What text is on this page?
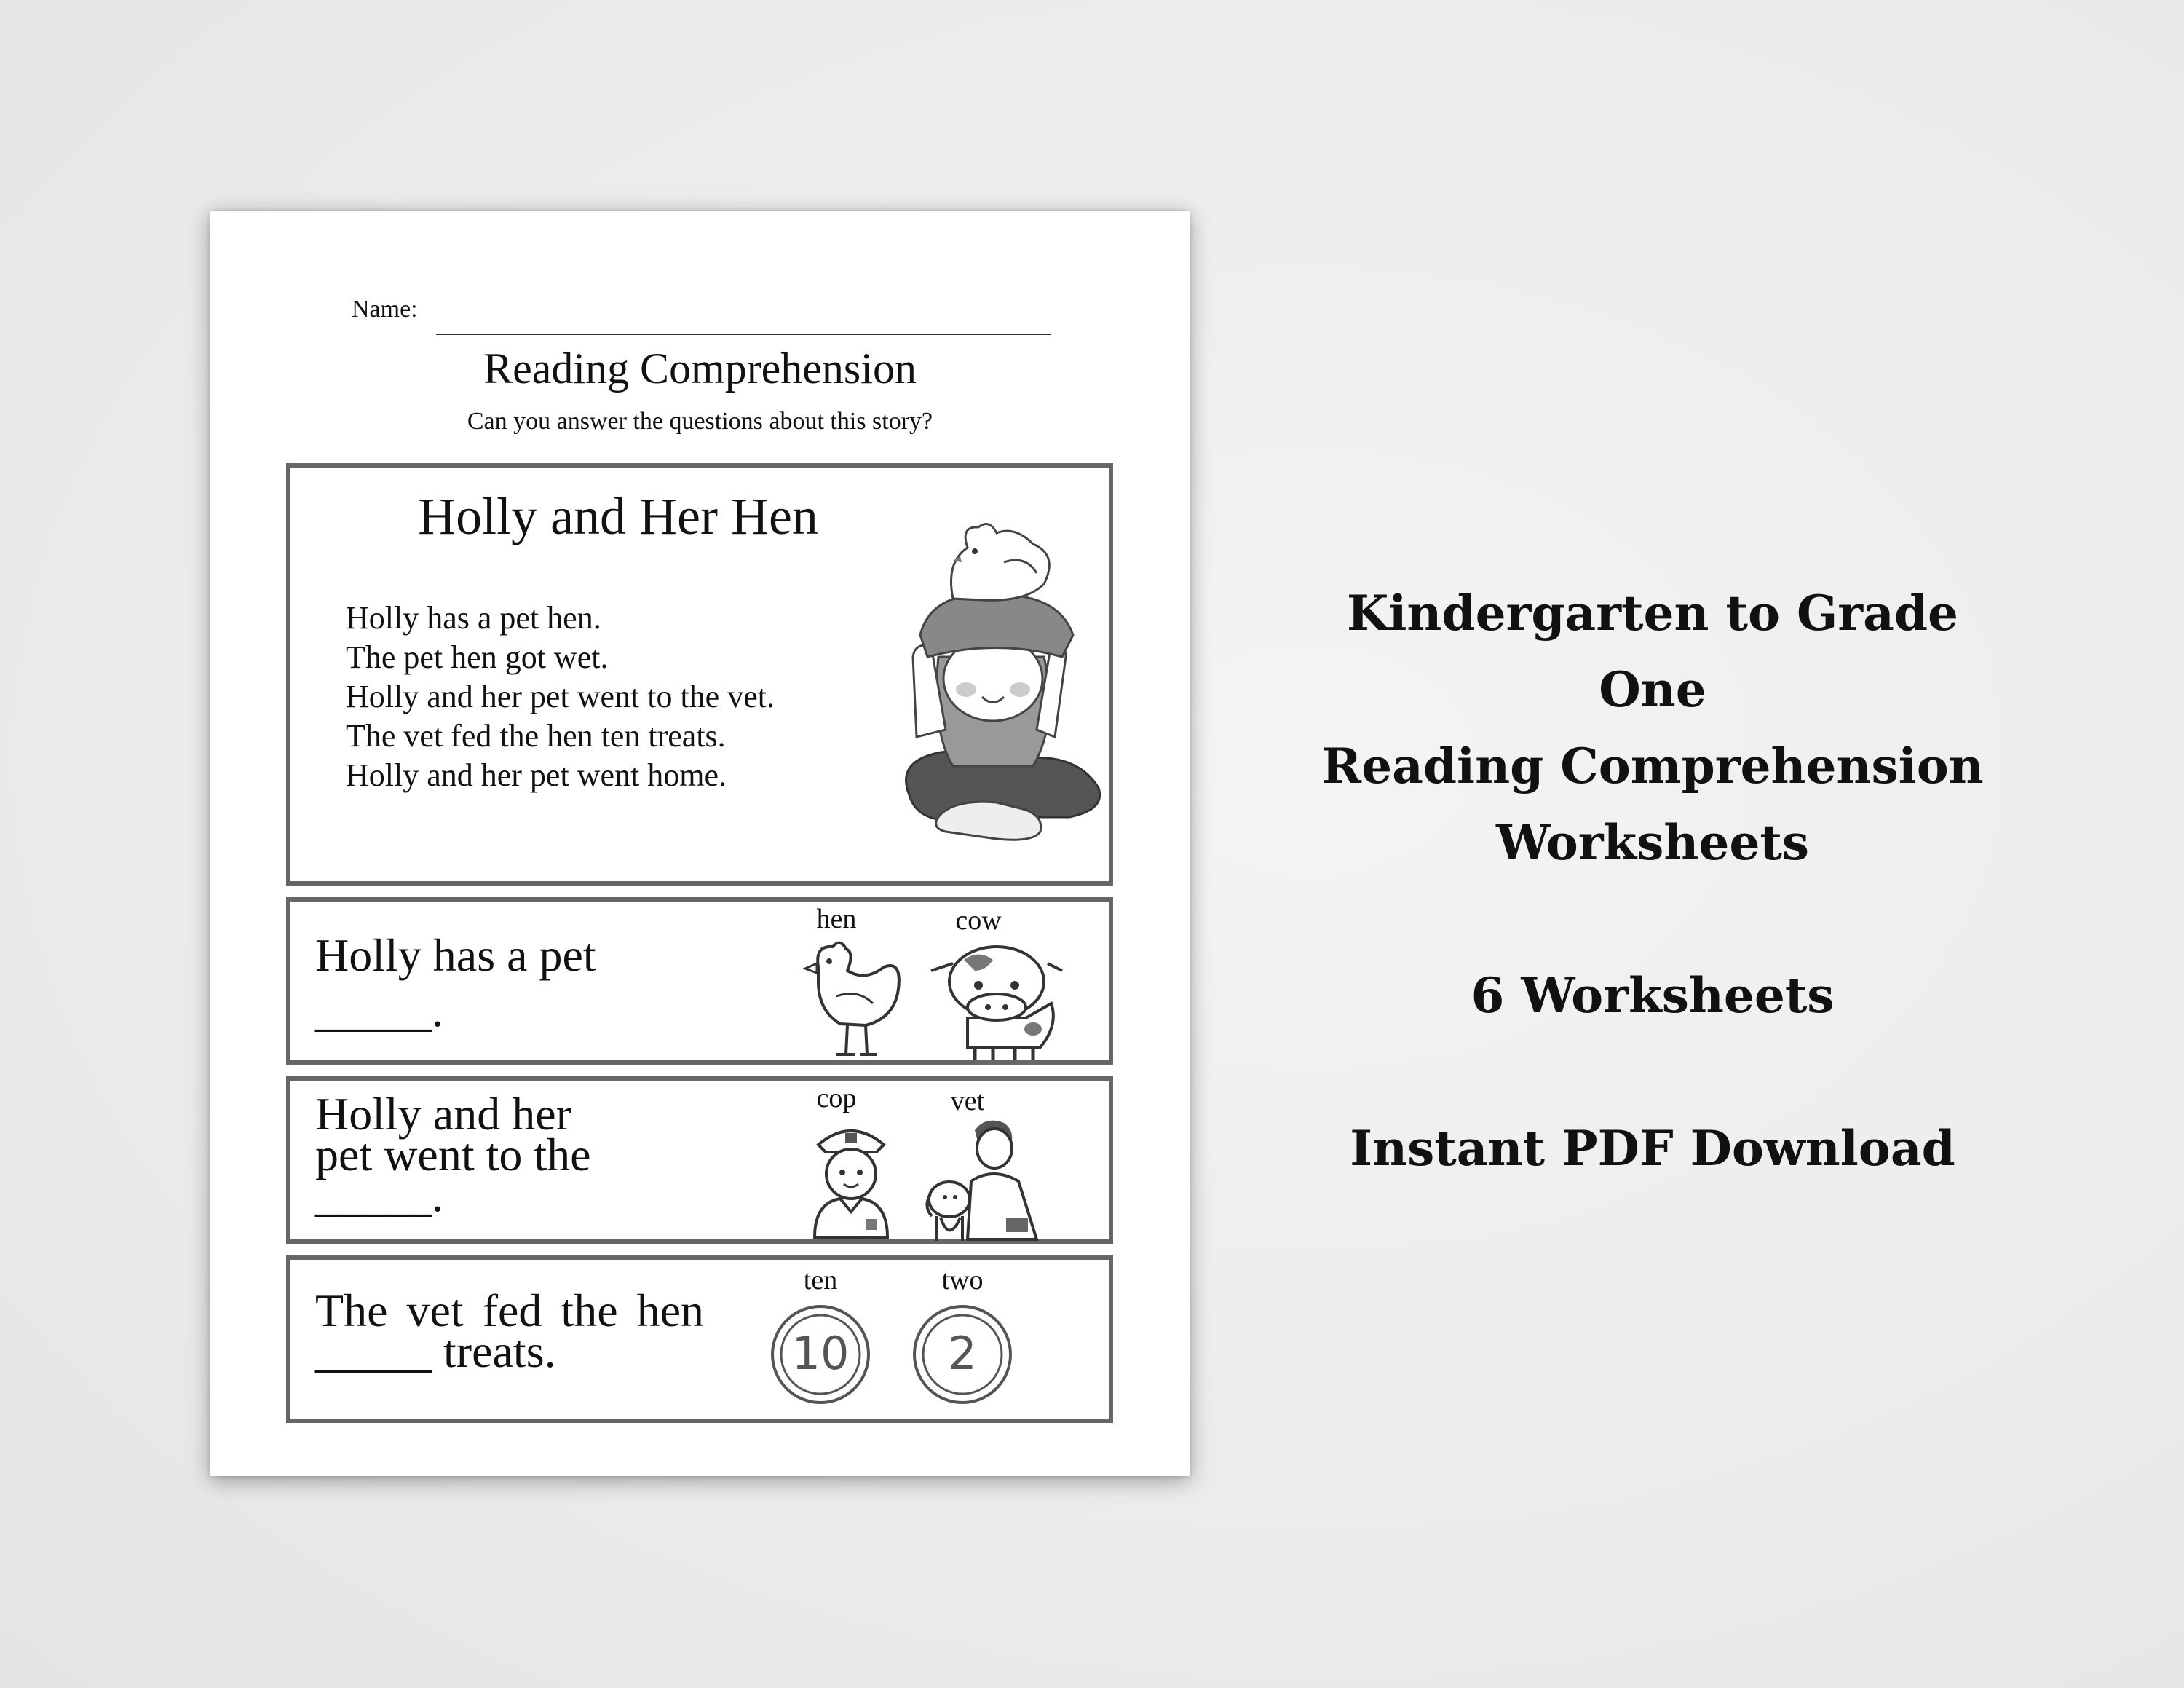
Name:
Reading Comprehension
Can you answer the questions about this story?
Holly and Her Hen
Holly has a pet hen.
The pet hen got wet.
Holly and her pet went to the vet.
The vet fed the hen ten treats.
Holly and her pet went home.
Holly has a pet
_____.
hen	cow
Holly and her
pet went to the
_____.
cop	vet
The vet fed the hen
_____ treats.
ten	two
10	2
Kindergarten to Grade One
Reading Comprehension
Worksheets
6 Worksheets
Instant PDF Download
